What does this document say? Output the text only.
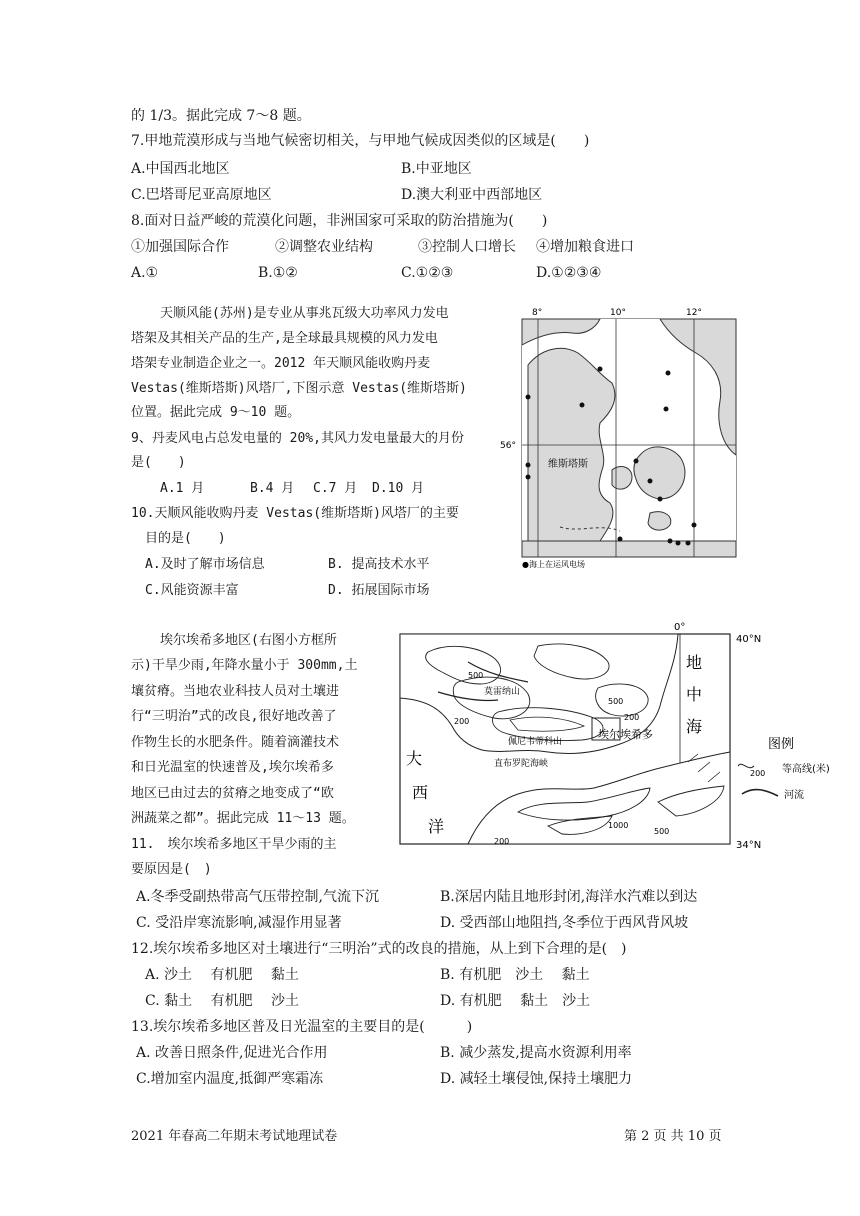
的 1/3。据此完成 7～8 题。
7.甲地荒漠形成与当地气候密切相关，与甲地气候成因类似的区域是(　　)
A.中国西北地区	B.中亚地区
C.巴塔哥尼亚高原地区	D.澳大利亚中西部地区
8.面对日益严峻的荒漠化问题，非洲国家可采取的防治措施为(　　)
①加强国际合作	②调整农业结构	③控制人口增长 ④增加粮食进口
A.①	B.①②	C.①②③	D.①②③④
天顺风能(苏州)是专业从事兆瓦级大功率风力发电
塔架及其相关产品的生产,是全球最具规模的风力发电
塔架专业制造企业之一。2012 年天顺风能收购丹麦
Vestas(维斯塔斯)风塔厂,下图示意 Vestas(维斯塔斯)
位置。据此完成 9～10 题。
9、丹麦风电占总发电量的 20%,其风力发电量最大的月份
是(　　)
A.1 月	B.4 月 C.7 月 D.10 月
10.天顺风能收购丹麦 Vestas(维斯塔斯)风塔厂的主要
目的是(　　)
A.及时了解市场信息	B. 提高技术水平
C.风能资源丰富	D. 拓展国际市场
8°	10°	12°
56°
维斯塔斯
●海上在运风电场
埃尔埃希多地区(右图小方框所
示)干旱少雨,年降水量小于 300mm,土
壤贫瘠。当地农业科技人员对土壤进
行“三明治”式的改良,很好地改善了
作物生长的水肥条件。随着滴灌技术
和日光温室的快速普及,埃尔埃希多
地区已由过去的贫瘠之地变成了“欧
洲蔬菜之都”。据此完成 11～13 题。
0°
40°N
34°N
地
中
海
大
西
洋
莫雷纳山
佩尼韦蒂科山
埃尔埃希多
直布罗陀海峡
500
200
500
200
1000
500
200
图例
200 等高线(米)
河流
11.　埃尔埃希多地区干旱少雨的主
要原因是(　)
A.冬季受副热带高气压带控制,气流下沉	B.深居内陆且地形封闭,海洋水汽难以到达
C. 受沿岸寒流影响,减湿作用显著	D. 受西部山地阻挡,冬季位于西风背风坡
12.埃尔埃希多地区对土壤进行“三明治”式的改良的措施，从上到下合理的是(　)
A. 沙土　 有机肥　 黏土	B. 有机肥　沙土　 黏土
C. 黏土　 有机肥　 沙土	D. 有机肥　 黏土　沙土
13.埃尔埃希多地区普及日光温室的主要目的是(　　　)
A. 改善日照条件,促进光合作用	B. 减少蒸发,提高水资源利用率
C.增加室内温度,抵御严寒霜冻	D. 减轻土壤侵蚀,保持土壤肥力
2021 年春高二年期末考试地理试卷	第 2 页 共 10 页
